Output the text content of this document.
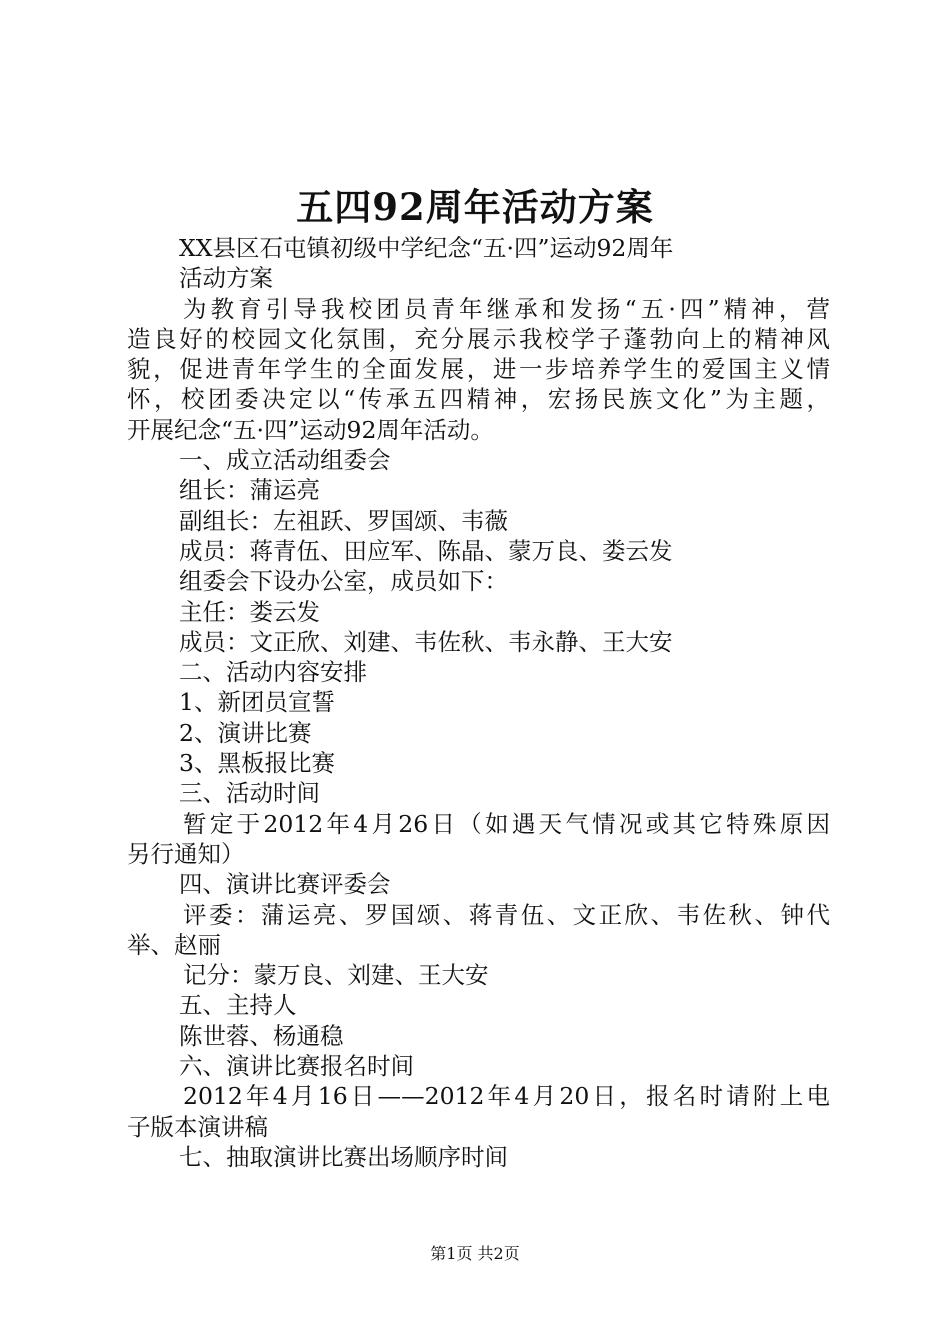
五四92周年活动方案

XX县区石屯镇初级中学纪念“五·四”运动92周年

活动方案

为教育引导我校团员青年继承和发扬“五·四”精神，营

造良好的校园文化氛围，充分展示我校学子蓬勃向上的精神风

貌，促进青年学生的全面发展，进一步培养学生的爱国主义情

怀，校团委决定以“传承五四精神，宏扬民族文化”为主题，

开展纪念“五·四”运动92周年活动。

一、成立活动组委会

组长：蒲运亮

副组长：左祖跃、罗国颂、韦薇

成员：蒋青伍、田应军、陈晶、蒙万良、娄云发

组委会下设办公室，成员如下：

主任：娄云发

成员：文正欣、刘建、韦佐秋、韦永静、王大安

二、活动内容安排

1、新团员宣誓

2、演讲比赛

3、黑板报比赛

三、活动时间

暂定于2012年4月26日（如遇天气情况或其它特殊原因

另行通知）

四、演讲比赛评委会

评委：蒲运亮、罗国颂、蒋青伍、文正欣、韦佐秋、钟代

举、赵丽

记分：蒙万良、刘建、王大安

五、主持人

陈世蓉、杨通稳

六、演讲比赛报名时间

2012年4月16日——2012年4月20日，报名时请附上电

子版本演讲稿

七、抽取演讲比赛出场顺序时间

第1页 共2页
